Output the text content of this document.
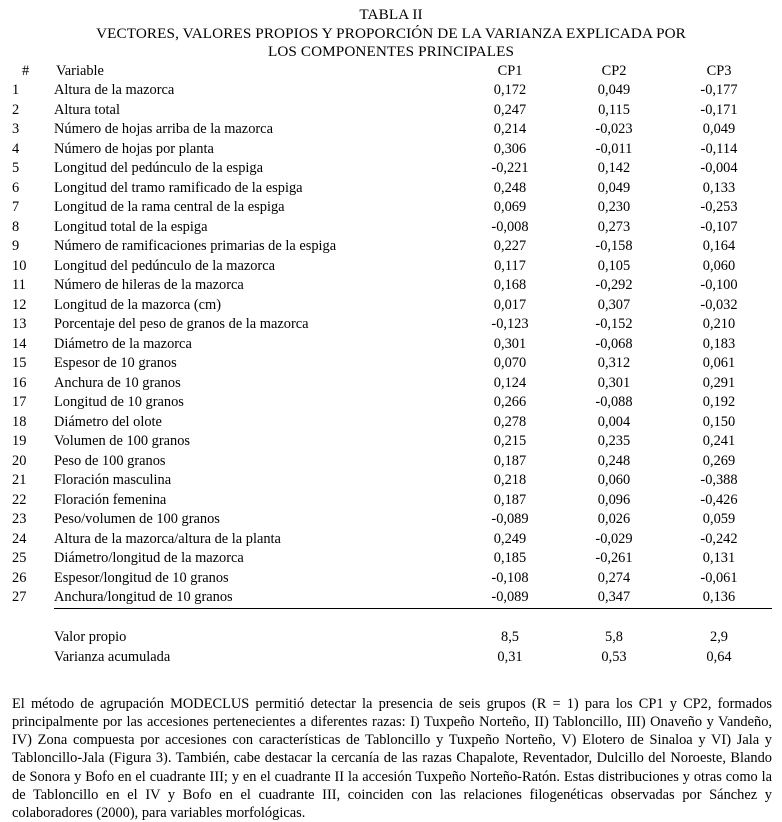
TABLA II
VECTORES, VALORES PROPIOS Y PROPORCIÓN DE LA VARIANZA EXPLICADA POR
LOS COMPONENTES PRINCIPALES
#	Variable	CP1	CP2	CP3
1	Altura de la mazorca	0,172	0,049	-0,177
2	Altura total	0,247	0,115	-0,171
3	Número de hojas arriba de la mazorca	0,214	-0,023	0,049
4	Número de hojas por planta	0,306	-0,011	-0,114
5	Longitud del pedúnculo de la espiga	-0,221	0,142	-0,004
6	Longitud del tramo ramificado de la espiga	0,248	0,049	0,133
7	Longitud de la rama central de la espiga	0,069	0,230	-0,253
8	Longitud total de la espiga	-0,008	0,273	-0,107
9	Número de ramificaciones primarias de la espiga	0,227	-0,158	0,164
10	Longitud del pedúnculo de la mazorca	0,117	0,105	0,060
11	Número de hileras de la mazorca	0,168	-0,292	-0,100
12	Longitud de la mazorca (cm)	0,017	0,307	-0,032
13	Porcentaje del peso de granos de la mazorca	-0,123	-0,152	0,210
14	Diámetro de la mazorca	0,301	-0,068	0,183
15	Espesor de 10 granos	0,070	0,312	0,061
16	Anchura de 10 granos	0,124	0,301	0,291
17	Longitud de 10 granos	0,266	-0,088	0,192
18	Diámetro del olote	0,278	0,004	0,150
19	Volumen de 100 granos	0,215	0,235	0,241
20	Peso de 100 granos	0,187	0,248	0,269
21	Floración masculina	0,218	0,060	-0,388
22	Floración femenina	0,187	0,096	-0,426
23	Peso/volumen de 100 granos	-0,089	0,026	0,059
24	Altura de la mazorca/altura de la planta	0,249	-0,029	-0,242
25	Diámetro/longitud de la mazorca	0,185	-0,261	0,131
26	Espesor/longitud de 10 granos	-0,108	0,274	-0,061
27	Anchura/longitud de 10 granos	-0,089	0,347	0,136

	Valor propio	8,5	5,8	2,9
	Varianza acumulada	0,31	0,53	0,64

El método de agrupación MODECLUS permitió detectar la presencia de seis grupos (R = 1) para los CP1 y CP2, formados principalmente por las accesiones pertenecientes a diferentes razas: I) Tuxpeño Norteño, II) Tabloncillo, III) Onaveño y Vandeño, IV) Zona compuesta por accesiones con características de Tabloncillo y Tuxpeño Norteño, V) Elotero de Sinaloa y VI) Jala y Tabloncillo-Jala (Figura 3). También, cabe destacar la cercanía de las razas Chapalote, Reventador, Dulcillo del Noroeste, Blando de Sonora y Bofo en el cuadrante III; y en el cuadrante II la accesión Tuxpeño Norteño-Ratón. Estas distribuciones y otras como la de Tabloncillo en el IV y Bofo en el cuadrante III, coinciden con las relaciones filogenéticas observadas por Sánchez y colaboradores (2000), para variables morfológicas.
